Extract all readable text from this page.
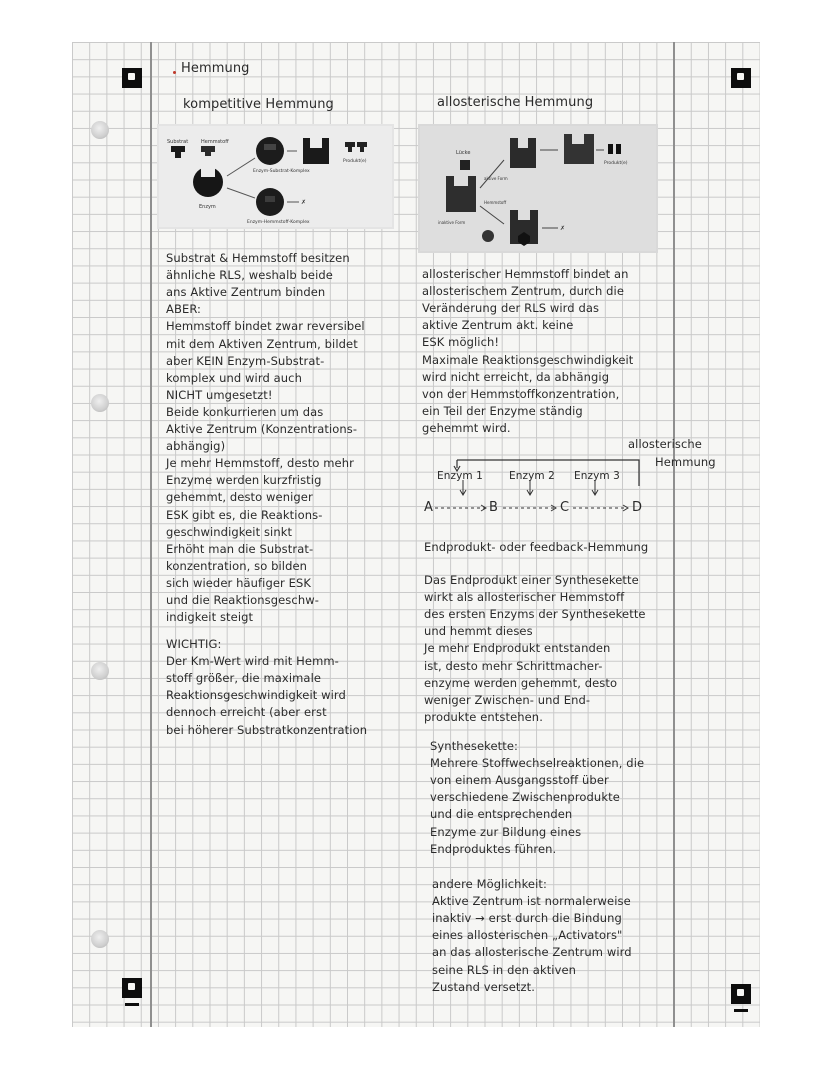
Hemmung
kompetitive Hemmung	allosterische Hemmung
Substrat	Hemmstoff
Enzym
Enzym-Substrat-Komplex
Produkt(e)
Enzym-Hemmstoff-Komplex
✗
Lücke
Produkt(e)
aktive Form
Hemmstoff
inaktive Form
✗
Substrat & Hemmstoff besitzen
ähnliche RLS, weshalb beide
ans Aktive Zentrum binden
ABER:
Hemmstoff bindet zwar reversibel
mit dem Aktiven Zentrum, bildet
aber KEIN Enzym-Substrat-
komplex und wird auch
NICHT umgesetzt!
Beide konkurrieren um das
Aktive Zentrum (Konzentrations-
abhängig)
Je mehr Hemmstoff, desto mehr
Enzyme werden kurzfristig
gehemmt, desto weniger
ESK gibt es, die Reaktions-
geschwindigkeit sinkt
Erhöht man die Substrat-
konzentration, so bilden
sich wieder häufiger ESK
und die Reaktionsgeschw-
indigkeit steigt
WICHTIG:
Der Km-Wert wird mit Hemm-
stoff größer, die maximale
Reaktionsgeschwindigkeit wird
dennoch erreicht (aber erst
bei höherer Substratkonzentration
allosterischer Hemmstoff bindet an
allosterischem Zentrum, durch die
Veränderung der RLS wird das
aktive Zentrum akt. keine
ESK möglich!
Maximale Reaktionsgeschwindigkeit
wird nicht erreicht, da abhängig
von der Hemmstoffkonzentration,
ein Teil der Enzyme ständig
gehemmt wird.
allosterische
Hemmung
Enzym 1 Enzym 2 Enzym 3
A	B	C	D
Endprodukt- oder feedback-Hemmung
Das Endprodukt einer Synthesekette
wirkt als allosterischer Hemmstoff
des ersten Enzyms der Synthesekette
und hemmt dieses
Je mehr Endprodukt entstanden
ist, desto mehr Schrittmacher-
enzyme werden gehemmt, desto
weniger Zwischen- und End-
produkte entstehen.
Synthesekette:
Mehrere Stoffwechselreaktionen, die
von einem Ausgangsstoff über
verschiedene Zwischenprodukte
und die entsprechenden
Enzyme zur Bildung eines
Endproduktes führen.
andere Möglichkeit:
Aktive Zentrum ist normalerweise
inaktiv → erst durch die Bindung
eines allosterischen „Activators"
an das allosterische Zentrum wird
seine RLS in den aktiven
Zustand versetzt.
